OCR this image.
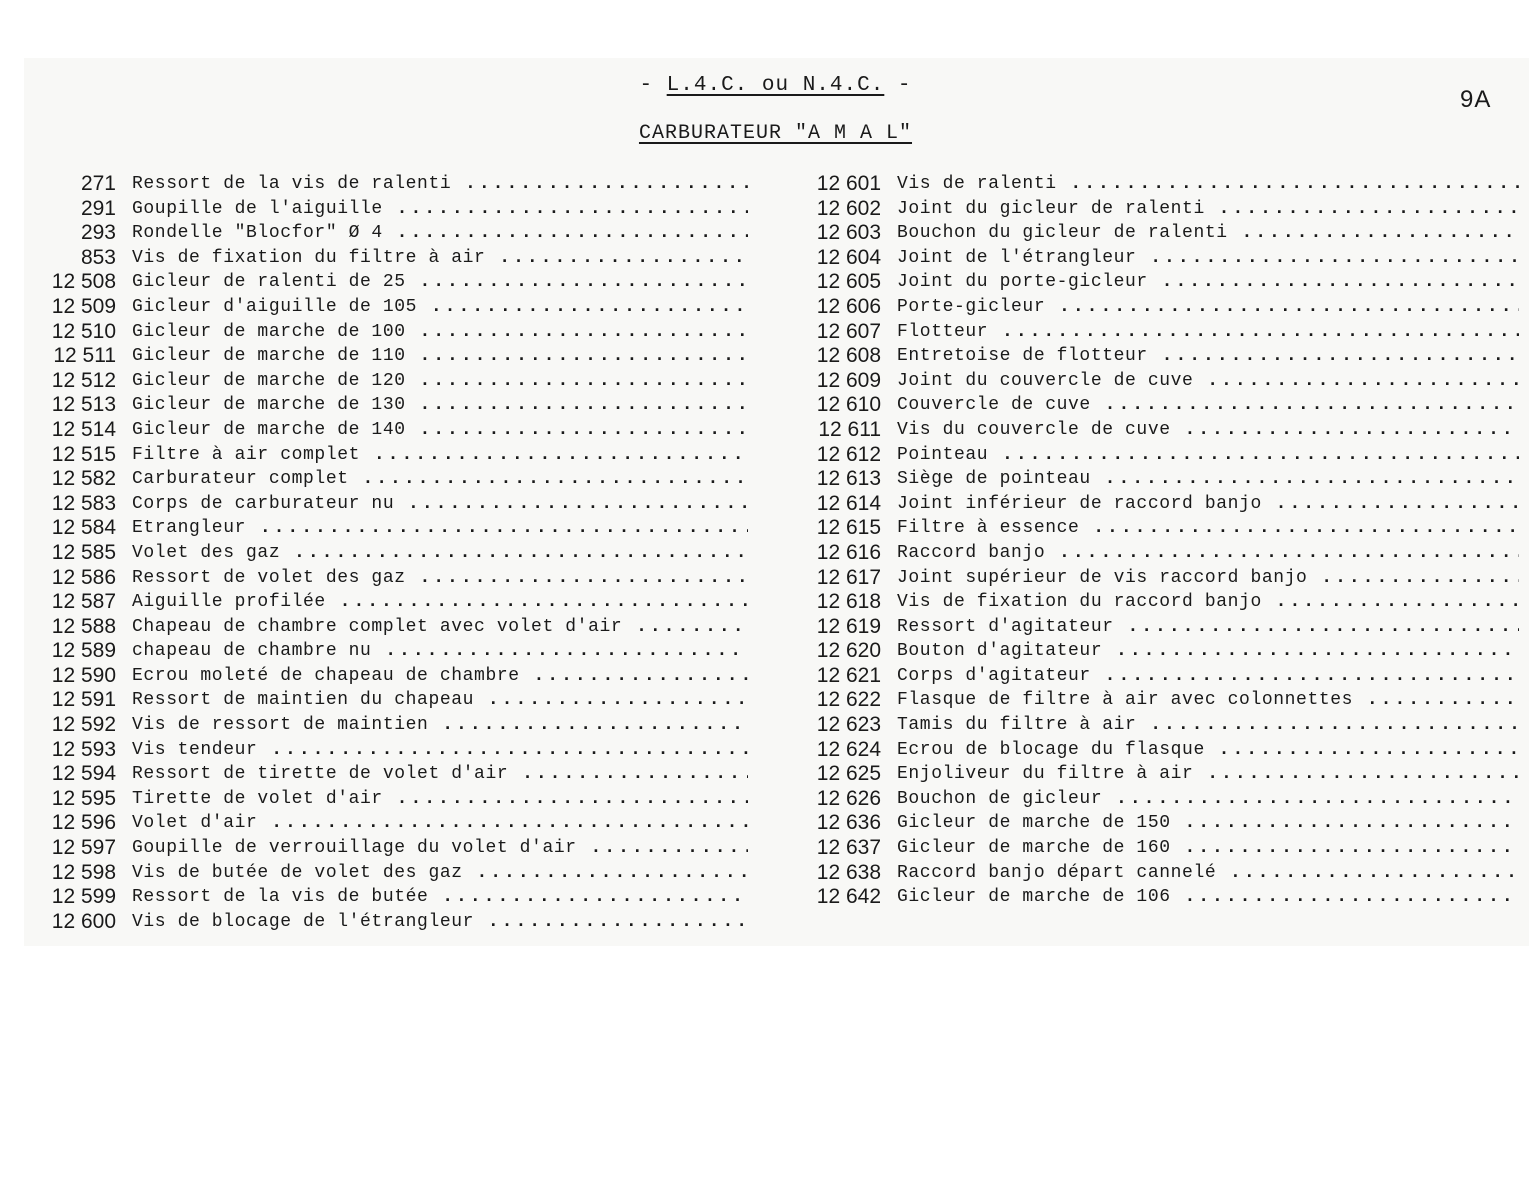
- L.4.C. ou N.4.C. -
CARBURATEUR "A M A L"
9A
271 Ressort de la vis de ralenti .....
291 Goupille de l'aiguille .....
293 Rondelle "Blocfor" Ø 4 .....
853 Vis de fixation du filtre à air .....
12 508 Gicleur de ralenti de 25 .....
12 509 Gicleur d'aiguille de 105 .....
12 510 Gicleur de marche de 100 .....
12 511 Gicleur de marche de 110 .....
12 512 Gicleur de marche de 120 .....
12 513 Gicleur de marche de 130 .....
12 514 Gicleur de marche de 140 .....
12 515 Filtre à air complet .....
12 582 Carburateur complet .....
12 583 Corps de carburateur nu .....
12 584 Etrangleur .....
12 585 Volet des gaz .....
12 586 Ressort de volet des gaz .....
12 587 Aiguille profilée .....
12 588 Chapeau de chambre complet avec volet d'air .....
12 589 chapeau de chambre nu .....
12 590 Ecrou moleté de chapeau de chambre .....
12 591 Ressort de maintien du chapeau .....
12 592 Vis de ressort de maintien .....
12 593 Vis tendeur .....
12 594 Ressort de tirette de volet d'air .....
12 595 Tirette de volet d'air .....
12 596 Volet d'air .....
12 597 Goupille de verrouillage du volet d'air .....
12 598 Vis de butée de volet des gaz .....
12 599 Ressort de la vis de butée .....
12 600 Vis de blocage de l'étrangleur .....
12 601 Vis de ralenti .....
12 602 Joint du gicleur de ralenti .....
12 603 Bouchon du gicleur de ralenti .....
12 604 Joint de l'étrangleur .....
12 605 Joint du porte-gicleur .....
12 606 Porte-gicleur .....
12 607 Flotteur .....
12 608 Entretoise de flotteur .....
12 609 Joint du couvercle de cuve .....
12 610 Couvercle de cuve .....
12 611 Vis du couvercle de cuve .....
12 612 Pointeau .....
12 613 Siège de pointeau .....
12 614 Joint inférieur de raccord banjo .....
12 615 Filtre à essence .....
12 616 Raccord banjo .....
12 617 Joint supérieur de vis raccord banjo .....
12 618 Vis de fixation du raccord banjo .....
12 619 Ressort d'agitateur .....
12 620 Bouton d'agitateur .....
12 621 Corps d'agitateur .....
12 622 Flasque de filtre à air avec colonnettes .....
12 623 Tamis du filtre à air .....
12 624 Ecrou de blocage du flasque .....
12 625 Enjoliveur du filtre à air .....
12 626 Bouchon de gicleur .....
12 636 Gicleur de marche de 150 .....
12 637 Gicleur de marche de 160 .....
12 638 Raccord banjo départ cannelé .....
12 642 Gicleur de marche de 106 .....
